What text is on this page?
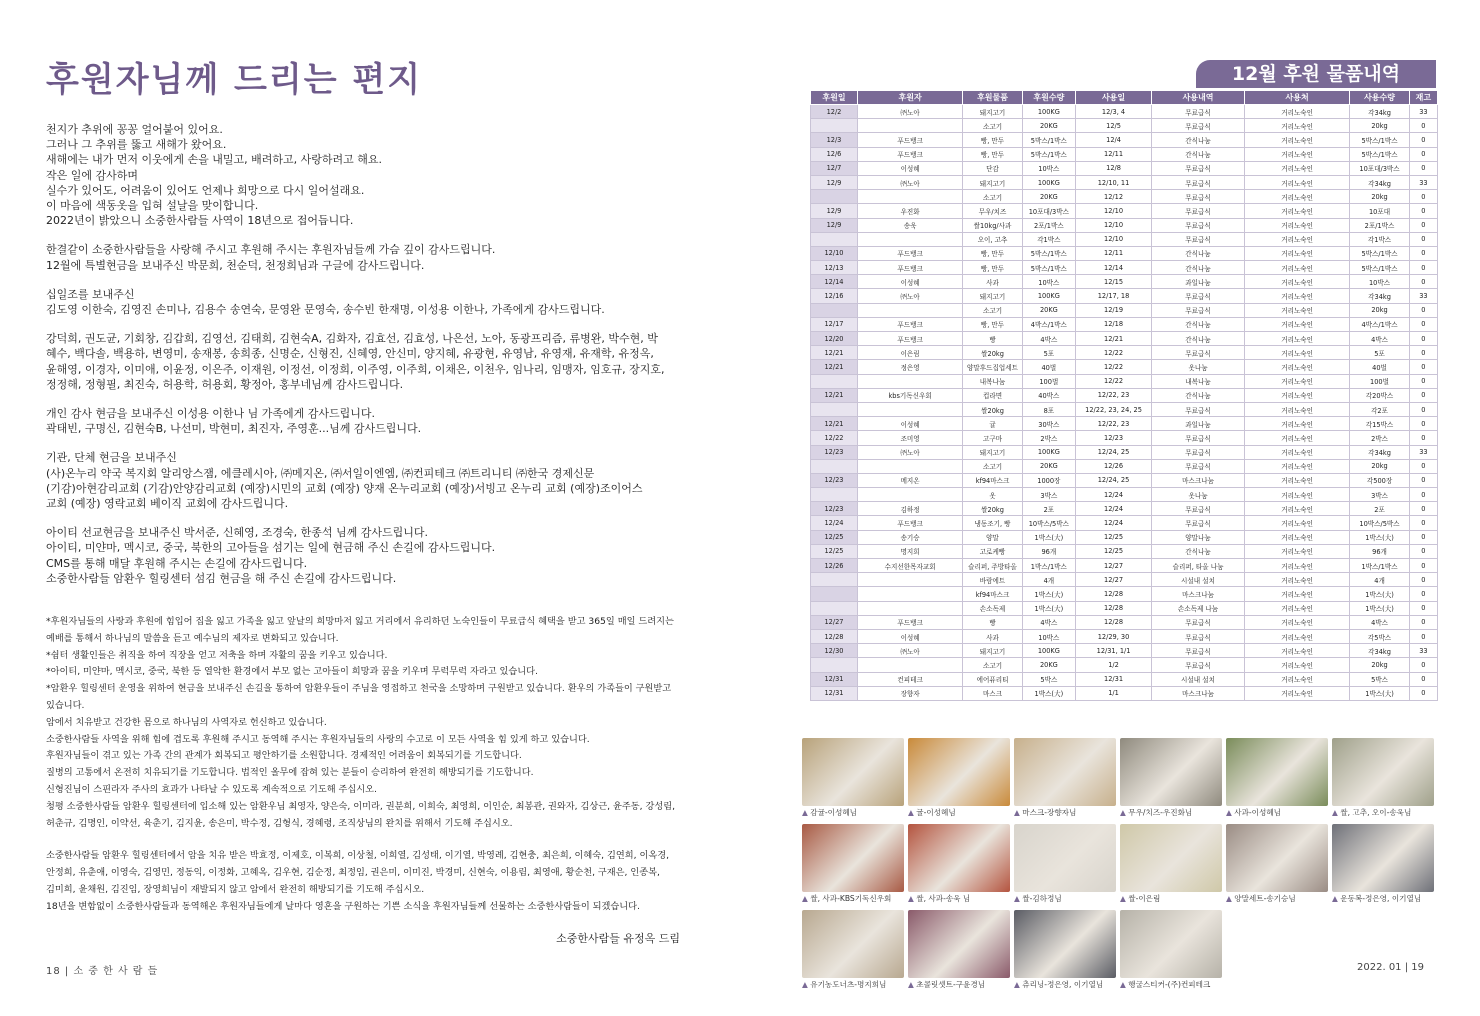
후원자님께 드리는 편지
천지가 추위에 꽁꽁 얼어붙어 있어요.
그러나 그 추위를 뚫고 새해가 왔어요.
새해에는 내가 먼저 이웃에게 손을 내밀고, 배려하고, 사랑하려고 해요.
작은 일에 감사하며
실수가 있어도, 어려움이 있어도 언제나 희망으로 다시 일어설래요.
이 마음에 색동옷을 입혀 설날을 맞이합니다.
2022년이 밝았으니 소중한사람들 사역이 18년으로 접어듭니다.
한결같이 소중한사람들을 사랑해 주시고 후원해 주시는 후원자님들께 가슴 깊이 감사드립니다.
12월에 특별현금을 보내주신 박문희, 천순덕, 천정희님과 구글에 감사드립니다.
십일조를 보내주신
김도영 이한숙, 김영진 손미나, 김용수 송연숙, 문영완 문영숙, 송수빈 한재명, 이성용 이한나, 가족에게 감사드립니다.
강덕희, 권도균, 기회창, 김갑희, 김영선, 김태희, 김현숙A, 김화자, 김효선, 김효성, 나은선, 노아, 동광프리즘, 류병완, 박수현, 박
혜수, 백다솔, 백용하, 변영미, 송재봉, 송희종, 신명순, 신형진, 신혜영, 안신미, 양지혜, 유광현, 유영남, 유영재, 유재학, 유정옥,
윤해영, 이경자, 이미애, 이윤정, 이은주, 이재원, 이정선, 이정희, 이주영, 이주희, 이채은, 이천우, 임나리, 임맹자, 임호규, 장지호,
정정해, 정형필, 최진숙, 허용학, 허용회, 황정아, 홍부네님께 감사드립니다.
개인 감사 현금을 보내주신 이성용 이한나 님 가족에게 감사드립니다.
곽태빈, 구명신, 김현숙B, 나선미, 박현미, 최진자, 주영훈...님께 감사드립니다.
기관, 단체 현금을 보내주신
(사)온누리 약국 복지회 알리앙스잼, 에클레시아, ㈜메지온, ㈜서일이엔엠, ㈜컨피테크 ㈜트리니티 ㈜한국 경제신문
(기감)아현감리교회 (기감)안양감리교회 (예장)시민의 교회 (예장) 양재 온누리교회 (예장)서빙고 온누리 교회 (예장)조이어스
교회 (예장) 영락교회 베이직 교회에 감사드립니다.
아이티 선교현금을 보내주신 박서준, 신혜영, 조경숙, 한종석 님께 감사드립니다.
아이티, 미얀마, 멕시코, 중국, 북한의 고아들을 섬기는 일에 현금해 주신 손길에 감사드립니다.
CMS를 통해 매달 후원해 주시는 손길에 감사드립니다.
소중한사람들 암환우 힐링센터 섬김 현금을 해 주신 손길에 감사드립니다.
*후원자님들의 사랑과 후원에 힘입어 집을 잃고 가족을 잃고 앞날의 희망마저 잃고 거리에서 유리하던 노숙인들이 무료급식 혜택을 받고 365일 매일 드려지는
예배를 통해서 하나님의 말씀을 듣고 예수님의 제자로 변화되고 있습니다.
*쉼터 생활인들은 취직을 하여 직장을 얻고 저축을 하며 자활의 꿈을 키우고 있습니다.
*아이티, 미얀마, 멕시코, 중국, 북한 등 열악한 환경에서 부모 없는 고아들이 희망과 꿈을 키우며 무럭무럭 자라고 있습니다.
*암환우 힐링센터 운영을 위하여 현금을 보내주신 손길을 통하여 암환우들이 주님을 영접하고 천국을 소망하며 구원받고 있습니다. 환우의 가족들이 구원받고
있습니다.
암에서 치유받고 건강한 몸으로 하나님의 사역자로 헌신하고 있습니다.
소중한사람들 사역을 위해 힘에 겹도록 후원해 주시고 동역해 주시는 후원자님들의 사랑의 수고로 이 모든 사역을 힘 있게 하고 있습니다.
후원자님들이 겪고 있는 가족 간의 관계가 회복되고 평안하기를 소원합니다. 경제적인 어려움이 회복되기를 기도합니다.
질병의 고통에서 온전히 치유되기를 기도합니다. 법적인 올무에 잡혀 있는 분들이 승리하여 완전히 해방되기를 기도합니다.
신형진님이 스핀라자 주사의 효과가 나타날 수 있도록 계속적으로 기도해 주십시오.
청평 소중한사람들 암환우 힐링센터에 입소해 있는 암환우님 최영자, 양은숙, 이미라, 권분희, 이희숙, 최영희, 이인순, 최봉관, 권와자, 김상근, 윤주동, 강성림,
허춘규, 김명인, 이약선, 육춘기, 김지윤, 송은미, 박수정, 김형식, 경혜령, 조직상님의 완치를 위해서 기도해 주십시오.
소중한사람들 암환우 힐링센터에서 암을 치유 받은 박효정, 이제호, 이복희, 이상철, 이희열, 김성태, 이기열, 박영례, 김현충, 최은희, 이혜숙, 김연희, 이옥경,
안정희, 유춘애, 이영숙, 김영민, 정동익, 이정화, 고혜옥, 김우현, 김순정, 최정임, 권은미, 이미진, 박경미, 신현숙, 이용림, 최영애, 황순천, 구재은, 인종복,
김미희, 윤채원, 김진임, 장영희님이 재발되지 않고 암에서 완전히 해방되기를 기도해 주십시오.
18년을 변함없이 소중한사람들과 동역해온 후원자님들에게 날마다 영혼을 구원하는 기쁜 소식을 후원자님들께 선물하는 소중한사람들이 되겠습니다.
소중한사람들 유정옥 드림
18 | 소 중 한 사 람 들
12월 후원 물품내역
후원일	후원자	후원물품	후원수량	사용일	사용내역	사용처	사용수량	재고
12/2	㈜노아	돼지고기	100KG	12/3, 4	무료급식	거리노숙인	각34kg	33
		소고기	20KG	12/5	무료급식	거리노숙인	20kg	0
12/3	푸드뱅크	빵, 만두	5박스/1박스	12/4	간식나눔	거리노숙인	5박스/1박스	0
12/6	푸드뱅크	빵, 만두	5박스/1박스	12/11	간식나눔	거리노숙인	5박스/1박스	0
12/7	이성혜	단감	10박스	12/8	무료급식	거리노숙인	10포대/3박스	0
12/9	㈜노아	돼지고기	100KG	12/10, 11	무료급식	거리노숙인	각34kg	33
		소고기	20KG	12/12	무료급식	거리노숙인	20kg	0
12/9	우진화	무우/치즈	10포대/3박스	12/10	무료급식	거리노숙인	10포대	0
12/9	송욱	쌀10kg/사과	2포/1박스	12/10	무료급식	거리노숙인	2포/1박스	0
		오이, 고추	각1박스	12/10	무료급식	거리노숙인	각1박스	0
12/10	푸드뱅크	빵, 만두	5박스/1박스	12/11	간식나눔	거리노숙인	5박스/1박스	0
12/13	푸드뱅크	빵, 만두	5박스/1박스	12/14	간식나눔	거리노숙인	5박스/1박스	0
12/14	이성혜	사과	10박스	12/15	과일나눔	거리노숙인	10박스	0
12/16	㈜노아	돼지고기	100KG	12/17, 18	무료급식	거리노숙인	각34kg	33
		소고기	20KG	12/19	무료급식	거리노숙인	20kg	0
12/17	푸드뱅크	빵, 만두	4박스/1박스	12/18	간식나눔	거리노숙인	4박스/1박스	0
12/20	푸드뱅크	빵	4박스	12/21	간식나눔	거리노숙인	4박스	0
12/21	이은림	쌀20kg	5포	12/22	무료급식	거리노숙인	5포	0
12/21	정은영	양말후드집업세트	40벌	12/22	옷나눔	거리노숙인	40벌	0
		내복나눔	100벌	12/22	내복나눔	거리노숙인	100벌	0
12/21	kbs기독신우회	컵라면	40박스	12/22, 23	간식나눔	거리노숙인	각20박스	0
		쌀20kg	8포	12/22, 23, 24, 25	무료급식	거리노숙인	각2포	0
12/21	이성혜	귤	30박스	12/22, 23	과일나눔	거리노숙인	각15박스	0
12/22	조미영	고구마	2박스	12/23	무료급식	거리노숙인	2박스	0
12/23	㈜노아	돼지고기	100KG	12/24, 25	무료급식	거리노숙인	각34kg	33
		소고기	20KG	12/26	무료급식	거리노숙인	20kg	0
12/23	메지온	kf94마스크	1000장	12/24, 25	마스크나눔	거리노숙인	각500장	0
		옷	3박스	12/24	옷나눔	거리노숙인	3박스	0
12/23	김하정	쌀20kg	2포	12/24	무료급식	거리노숙인	2포	0
12/24	푸드뱅크	냉동조기, 빵	10박스/5박스	12/24	무료급식	거리노숙인	10박스/5박스	0
12/25	송기승	양말	1박스(大)	12/25	양말나눔	거리노숙인	1박스(大)	0
12/25	명지희	고로케빵	96개	12/25	간식나눔	거리노숙인	96개	0
12/26	수지선한목자교회	슬리퍼, 주방타올	1박스/1박스	12/27	슬리퍼, 타올 나눔	거리노숙인	1박스/1박스	0
		바람에트	4개	12/27	시설내 설치	거리노숙인	4개	0
		kf94마스크	1박스(大)	12/28	마스크나눔	거리노숙인	1박스(大)	0
		손소독제	1박스(大)	12/28	손소독제 나눔	거리노숙인	1박스(大)	0
12/27	푸드뱅크	빵	4박스	12/28	무료급식	거리노숙인	4박스	0
12/28	이성혜	사과	10박스	12/29, 30	무료급식	거리노숙인	각5박스	0
12/30	㈜노아	돼지고기	100KG	12/31, 1/1	무료급식	거리노숙인	각34kg	33
		소고기	20KG	1/2	무료급식	거리노숙인	20kg	0
12/31	컨피테크	에어퓨리티	5박스	12/31	시설내 설치	거리노숙인	5박스	0
12/31	장향자	마스크	1박스(大)	1/1	마스크나눔	거리노숙인	1박스(大)	0
▲ 감귤-이성혜님	▲ 귤-이성혜님	▲ 마스크-장향자님	▲ 무우/치즈-우진화님	▲ 사과-이성혜님	▲ 쌀, 고추, 오이-송욱님
▲ 쌀, 사과-KBS기독신우회	▲ 쌀, 사과-송욱 님	▲ 쌀-김하정님	▲ 쌀-이은림	▲ 양말세트-송기승님	▲ 운동복-정은영, 이기열님
▲ 유기농도너츠-명지희님	▲ 초콜릿셋트-구윤경님	▲ 츄리닝-정은영, 이기열님	▲ 행굴스티커-(주)컨피테크
2022. 01 | 19
